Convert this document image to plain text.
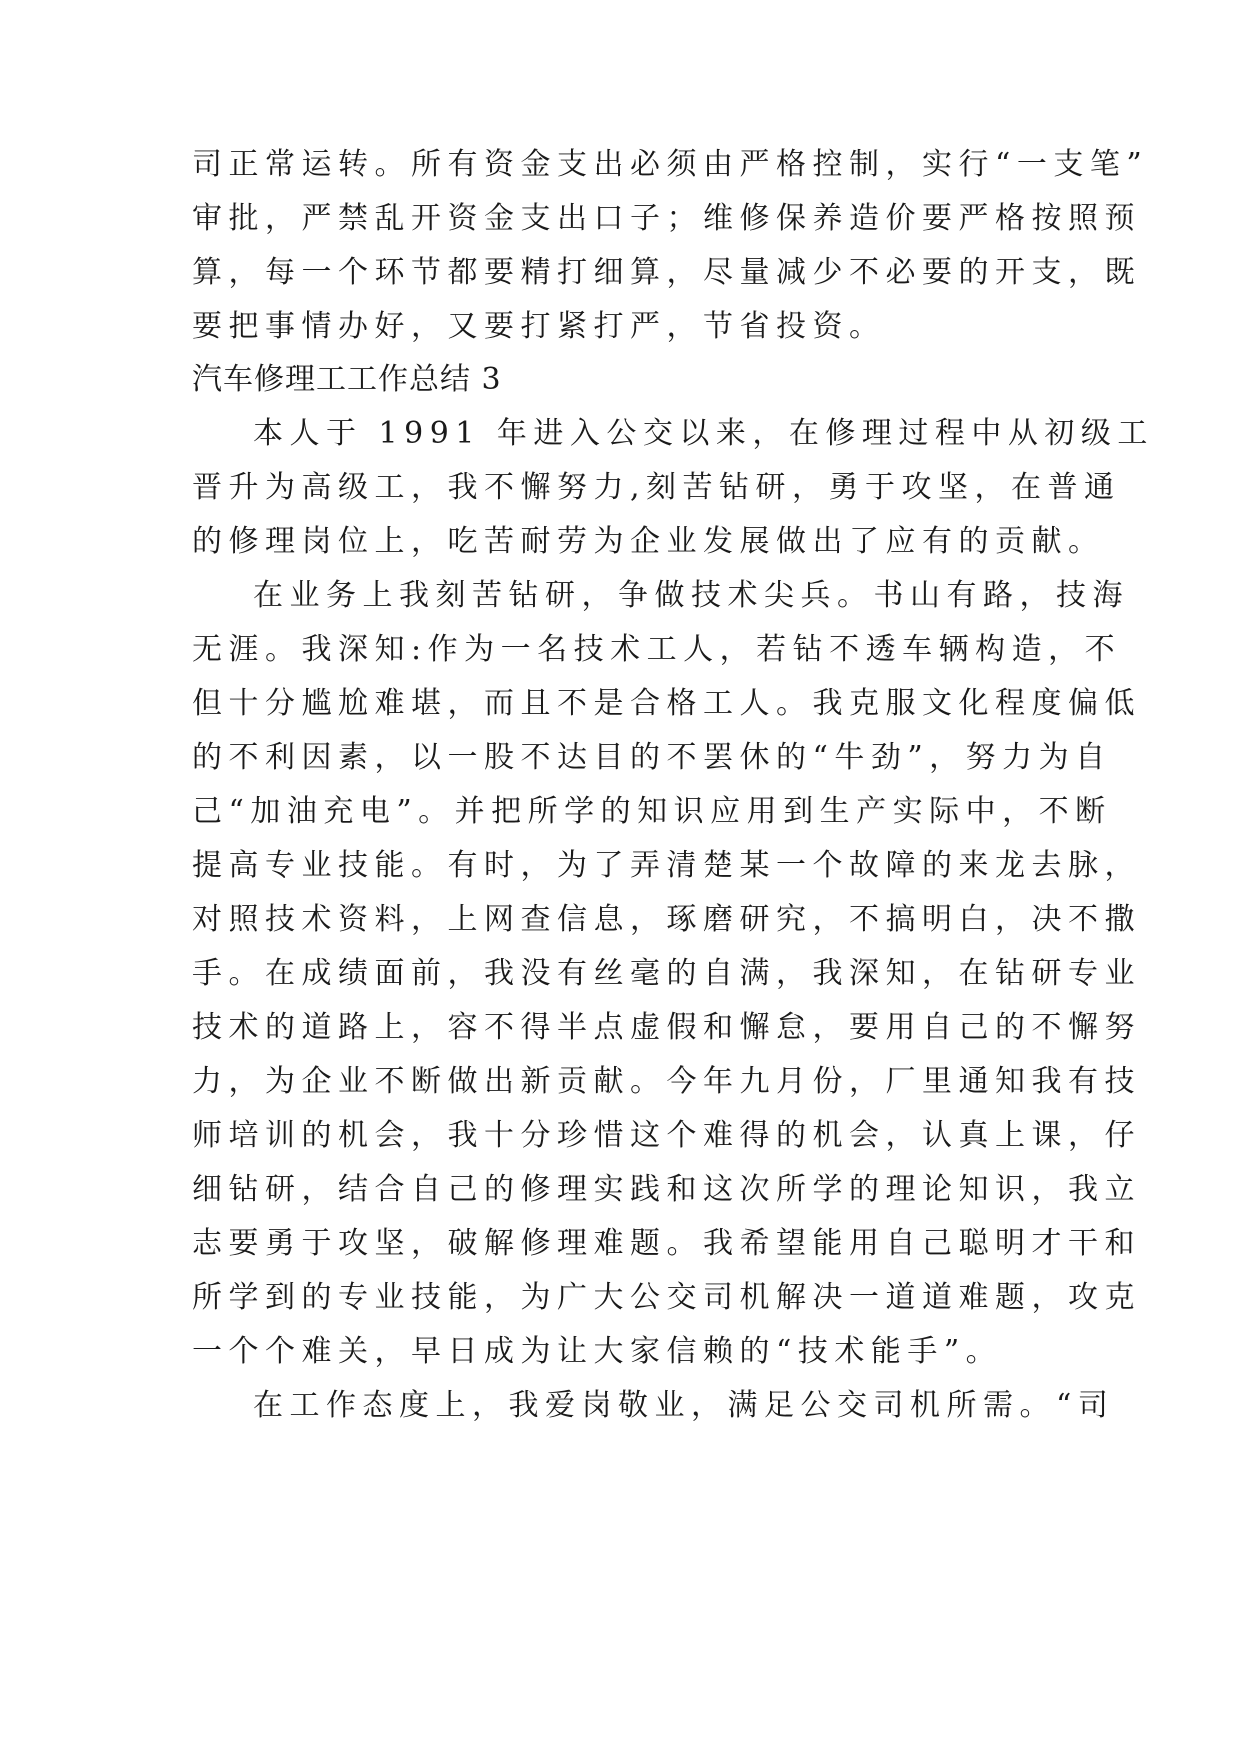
司正常运转。所有资金支出必须由严格控制，实行“一支笔”
审批，严禁乱开资金支出口子；维修保养造价要严格按照预
算，每一个环节都要精打细算，尽量减少不必要的开支，既
要把事情办好，又要打紧打严，节省投资。
汽车修理工工作总结 3
本人于 1991 年进入公交以来，在修理过程中从初级工
晋升为高级工，我不懈努力,刻苦钻研，勇于攻坚，在普通
的修理岗位上，吃苦耐劳为企业发展做出了应有的贡献。
在业务上我刻苦钻研，争做技术尖兵。书山有路，技海
无涯。我深知:作为一名技术工人，若钻不透车辆构造，不
但十分尴尬难堪，而且不是合格工人。我克服文化程度偏低
的不利因素，以一股不达目的不罢休的“牛劲”，努力为自
己“加油充电”。并把所学的知识应用到生产实际中，不断
提高专业技能。有时，为了弄清楚某一个故障的来龙去脉，
对照技术资料，上网查信息，琢磨研究，不搞明白，决不撒
手。在成绩面前，我没有丝毫的自满，我深知，在钻研专业
技术的道路上，容不得半点虚假和懈怠，要用自己的不懈努
力，为企业不断做出新贡献。今年九月份，厂里通知我有技
师培训的机会，我十分珍惜这个难得的机会，认真上课，仔
细钻研，结合自己的修理实践和这次所学的理论知识，我立
志要勇于攻坚，破解修理难题。我希望能用自己聪明才干和
所学到的专业技能，为广大公交司机解决一道道难题，攻克
一个个难关，早日成为让大家信赖的“技术能手”。
在工作态度上，我爱岗敬业，满足公交司机所需。“司
